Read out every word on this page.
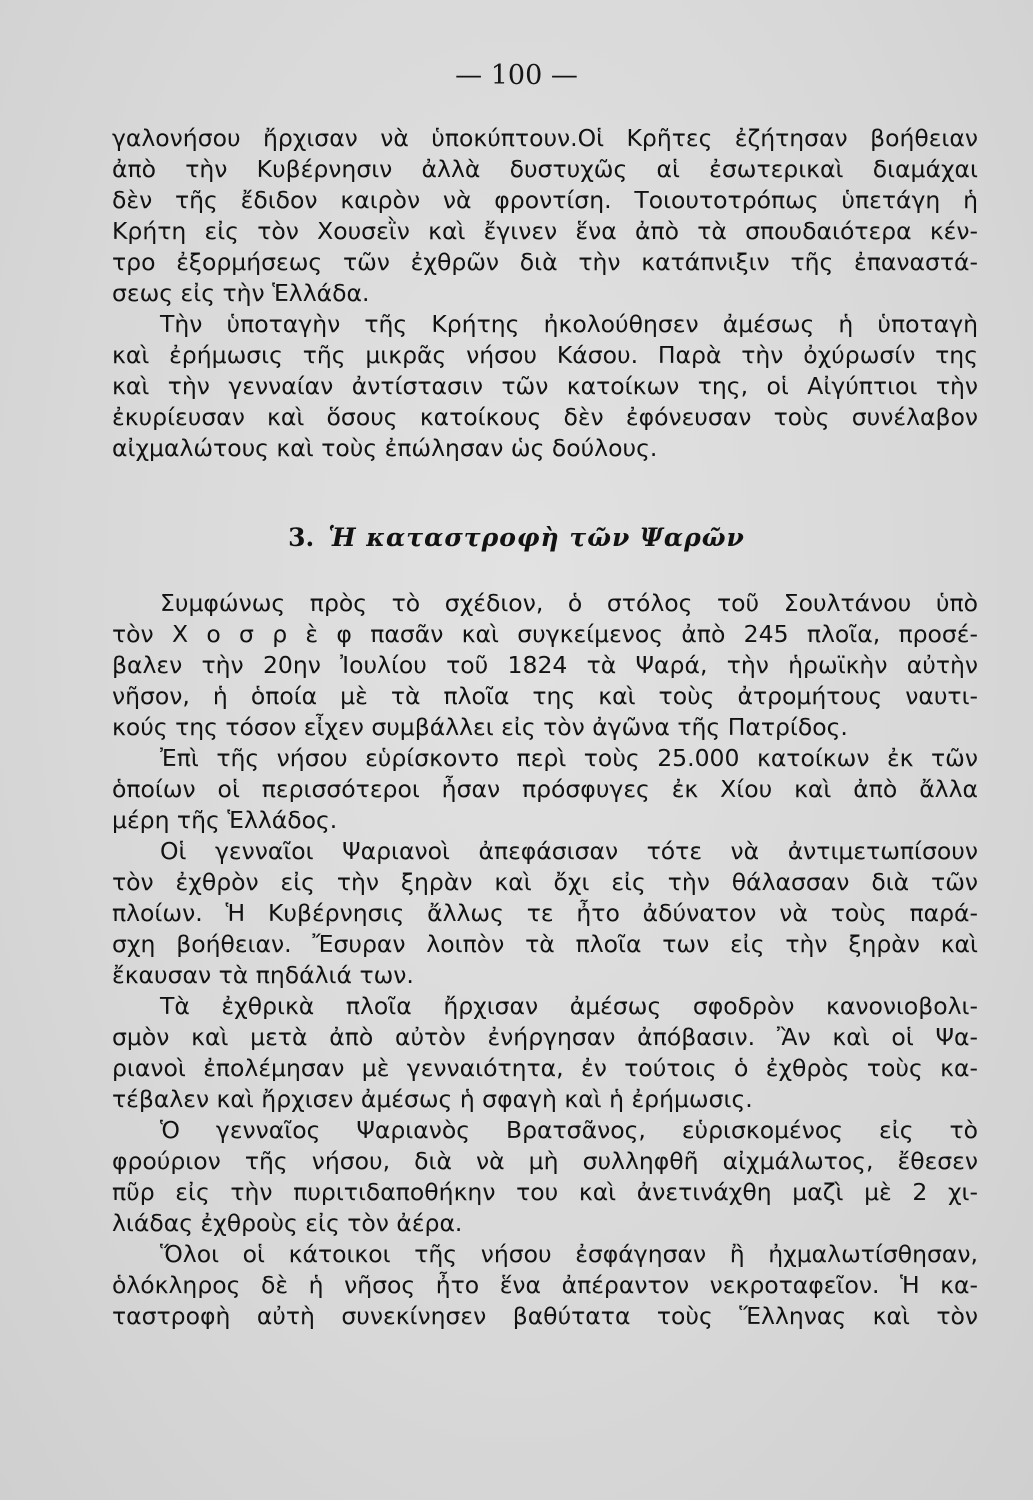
— 100 —
γαλονήσου ἤρχισαν νὰ ὑποκύπτουν.Οἱ Κρῆτες ἐζήτησαν βοήθειαν
ἀπὸ τὴν Κυβέρνησιν ἀλλὰ δυστυχῶς αἱ ἐσωτερικαὶ διαμάχαι
δὲν τῆς ἔδιδον καιρὸν νὰ φροντίση. Τοιουτοτρόπως ὑπετάγη ἡ
Κρήτη εἰς τὸν Χουσεῒν καὶ ἔγινεν ἕνα ἀπὸ τὰ σπουδαιότερα κέν-
τρο ἐξορμήσεως τῶν ἐχθρῶν διὰ τὴν κατάπνιξιν τῆς ἐπαναστά-
σεως εἰς τὴν Ἑλλάδα.
Τὴν ὑποταγὴν τῆς Κρήτης ἠκολούθησεν ἀμέσως ἡ ὑποταγὴ
καὶ ἐρήμωσις τῆς μικρᾶς νήσου Κάσου. Παρὰ τὴν ὀχύρωσίν της
καὶ τὴν γενναίαν ἀντίστασιν τῶν κατοίκων της, οἱ Αἰγύπτιοι τὴν
ἐκυρίευσαν καὶ ὅσους κατοίκους δὲν ἐφόνευσαν τοὺς συνέλαβον
αἰχμαλώτους καὶ τοὺς ἐπώλησαν ὡς δούλους.
3. Ἡ καταστροφὴ τῶν Ψαρῶν
Συμφώνως πρὸς τὸ σχέδιον, ὁ στόλος τοῦ Σουλτάνου ὑπὸ
τὸν Χ ο σ ρ ὲ φ πασᾶν καὶ συγκείμενος ἀπὸ 245 πλοῖα, προσέ-
βαλεν τὴν 20ην Ἰουλίου τοῦ 1824 τὰ Ψαρά, τὴν ἡρωϊκὴν αὐτὴν
νῆσον, ἡ ὁποία μὲ τὰ πλοῖα της καὶ τοὺς ἀτρομήτους ναυτι-
κούς της τόσον εἶχεν συμβάλλει εἰς τὸν ἀγῶνα τῆς Πατρίδος.
Ἐπὶ τῆς νήσου εὑρίσκοντο περὶ τοὺς 25.000 κατοίκων ἐκ τῶν
ὁποίων οἱ περισσότεροι ἦσαν πρόσφυγες ἐκ Χίου καὶ ἀπὸ ἄλλα
μέρη τῆς Ἑλλάδος.
Οἱ γενναῖοι Ψαριανοὶ ἀπεφάσισαν τότε νὰ ἀντιμετωπίσουν
τὸν ἐχθρὸν εἰς τὴν ξηρὰν καὶ ὄχι εἰς τὴν θάλασσαν διὰ τῶν
πλοίων. Ἡ Κυβέρνησις ἄλλως τε ἦτο ἀδύνατον νὰ τοὺς παρά-
σχη βοήθειαν. Ἔσυραν λοιπὸν τὰ πλοῖα των εἰς τὴν ξηρὰν καὶ
ἔκαυσαν τὰ πηδάλιά των.
Τὰ ἐχθρικὰ πλοῖα ἤρχισαν ἀμέσως σφοδρὸν κανονιοβολι-
σμὸν καὶ μετὰ ἀπὸ αὐτὸν ἐνήργησαν ἀπόβασιν. Ἂν καὶ οἱ Ψα-
ριανοὶ ἐπολέμησαν μὲ γενναιότητα, ἐν τούτοις ὁ ἐχθρὸς τοὺς κα-
τέβαλεν καὶ ἤρχισεν ἀμέσως ἡ σφαγὴ καὶ ἡ ἐρήμωσις.
Ὁ γενναῖος Ψαριανὸς Βρατσᾶνος, εὑρισκομένος εἰς τὸ
φρούριον τῆς νήσου, διὰ νὰ μὴ συλληφθῆ αἰχμάλωτος, ἔθεσεν
πῦρ εἰς τὴν πυριτιδαποθήκην του καὶ ἀνετινάχθη μαζὶ μὲ 2 χι-
λιάδας ἐχθροὺς εἰς τὸν ἀέρα.
Ὅλοι οἱ κάτοικοι τῆς νήσου ἐσφάγησαν ἢ ἠχμαλωτίσθησαν,
ὁλόκληρος δὲ ἡ νῆσος ἦτο ἕνα ἀπέραντον νεκροταφεῖον. Ἡ κα-
ταστροφὴ αὐτὴ συνεκίνησεν βαθύτατα τοὺς Ἕλληνας καὶ τὸν
